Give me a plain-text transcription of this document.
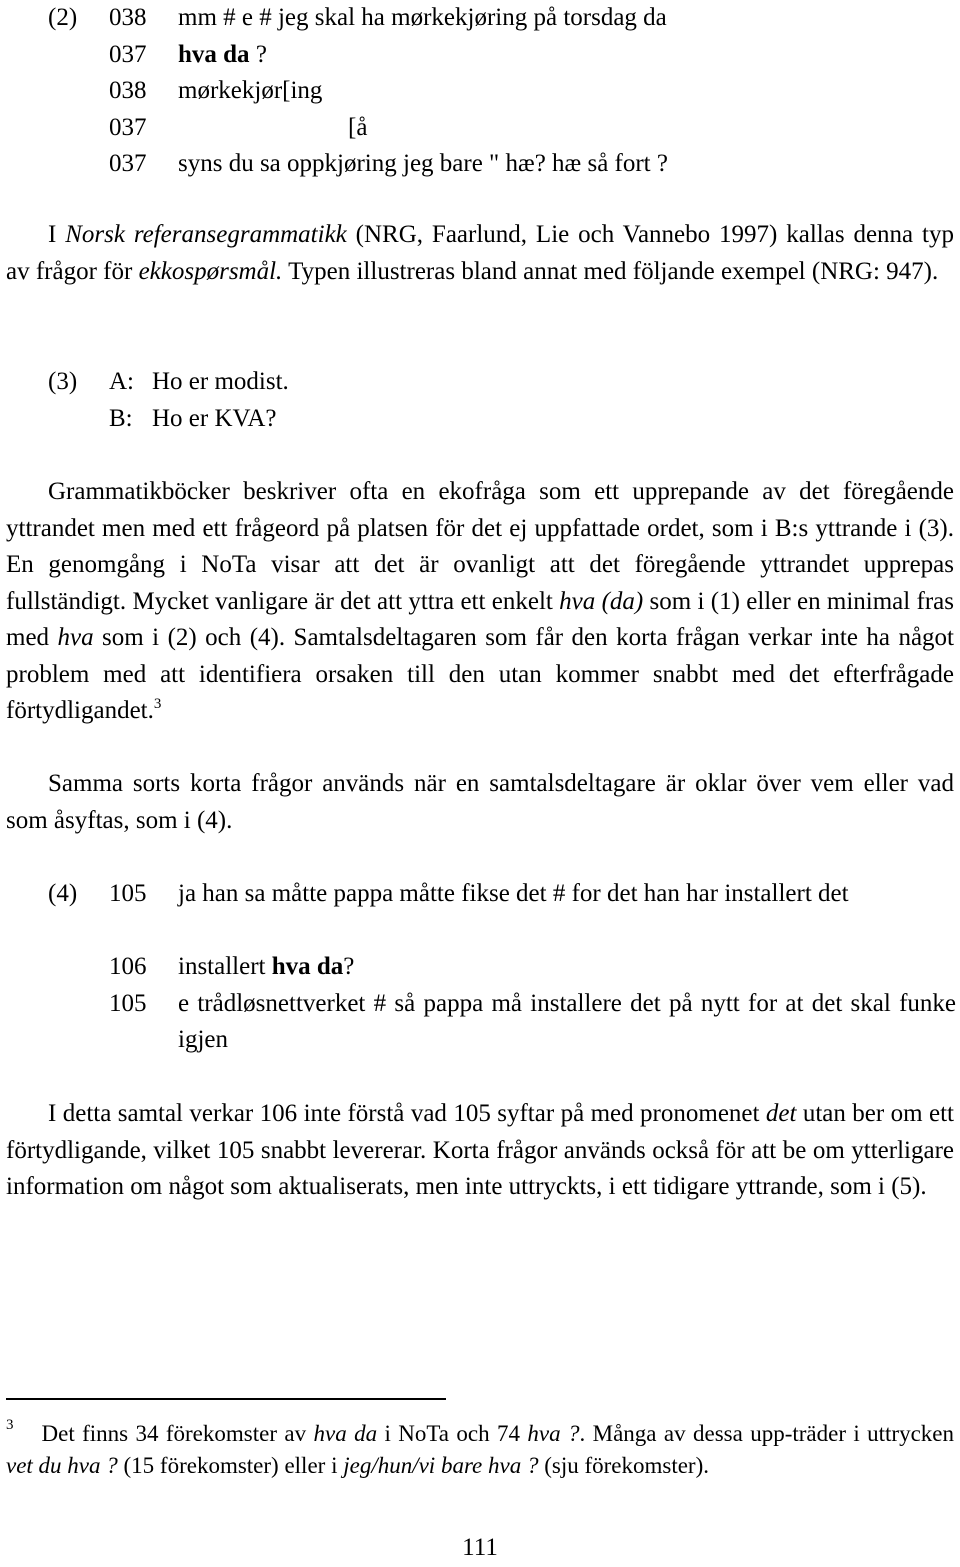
(2) 038 mm # e # jeg skal ha mørkekjøring på torsdag da
037 hva da ?
038 mørkekjør[ing
037	[å
037 syns du sa oppkjøring jeg bare " hæ? hæ så fort ?

I Norsk referansegrammatikk (NRG, Faarlund, Lie och Vannebo 1997) kallas denna typ av frågor för ekkospørsmål. Typen illustreras bland annat med följande exempel (NRG: 947).

(3) A: Ho er modist.
B: Ho er KVA?

Grammatikböcker beskriver ofta en ekofråga som ett upprepande av det föregående yttrandet men med ett frågeord på platsen för det ej uppfattade ordet, som i B:s yttrande i (3). En genomgång i NoTa visar att det är ovanligt att det föregående yttrandet upprepas fullständigt. Mycket vanligare är det att yttra ett enkelt hva (da) som i (1) eller en minimal fras med hva som i (2) och (4). Samtalsdeltagaren som får den korta frågan verkar inte ha något problem med att identifiera orsaken till den utan kommer snabbt med det efterfrågade förtydligandet.$^3$

Samma sorts korta frågor används när en samtalsdeltagare är oklar över vem eller vad som åsyftas, som i (4).

(4) 105 ja han sa måtte pappa måtte fikse det # for det han har installert det
106 installert hva da?
105 e trådløsnettverket # så pappa må installere det på nytt for at det skal funke igjen

I detta samtal verkar 106 inte förstå vad 105 syftar på med pronomenet det utan ber om ett förtydligande, vilket 105 snabbt levererar. Korta frågor används också för att be om ytterligare information om något som aktualiserats, men inte uttryckts, i ett tidigare yttrande, som i (5).

$^3$ Det finns 34 förekomster av hva da i NoTa och 74 hva ?. Många av dessa upp-träder i uttrycken vet du hva ? (15 förekomster) eller i jeg/hun/vi bare hva ? (sju förekomster).

111
